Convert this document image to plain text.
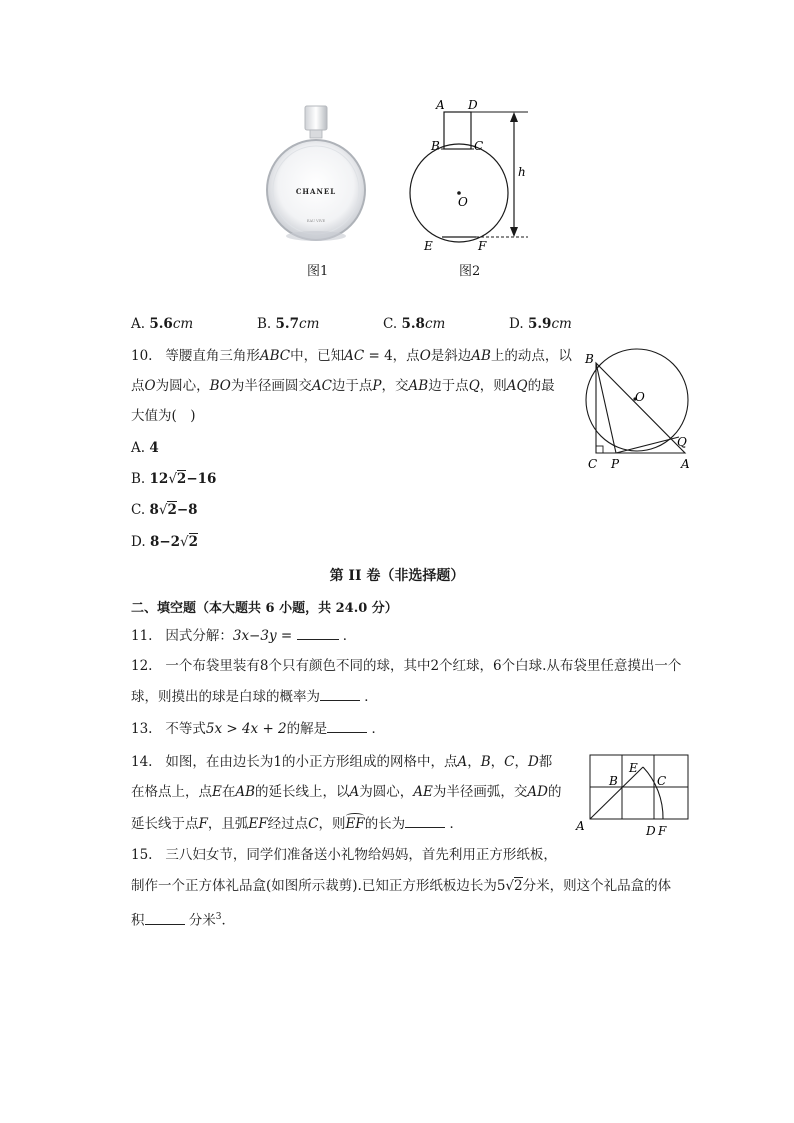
CHANEL
EAU VIVE
图1
A D
B	C
O
E	F
h
图2
A. 5.6cm	B. 5.7cm	C. 5.8cm	D. 5.9cm
10. 等腰直角三角形ABC中，已知AC = 4，点O是斜边AB上的动点，以
点O为圆心，BO为半径画圆交AC边于点P，交AB边于点Q，则AQ的最
大值为(　)
A. 4
B. 12√2−16
C. 8√2−8
D. 8−2√2
B
O
Q
C P	A
第 II 卷（非选择题）
二、填空题（本大题共 6 小题，共 24.0 分）
11. 因式分解：3x−3y =	．
12. 一个布袋里装有8个只有颜色不同的球，其中2个红球，6个白球.从布袋里任意摸出一个
球，则摸出的球是白球的概率为	．
13. 不等式5x > 4x + 2的解是	．
14. 如图，在由边长为1的小正方形组成的网格中，点A，B，C，D都
在格点上，点E在AB的延长线上，以A为圆心，AE为半径画弧，交AD的
延长线于点F，且弧EF经过点C，则
EF的长为	．	A
B
E
C
D F
15. 三八妇女节，同学们准备送小礼物给妈妈，首先利用正方形纸板，
制作一个正方体礼品盒(如图所示裁剪).已知正方形纸板边长为5√2分米，则这个礼品盒的体
积	分米$^3$．
